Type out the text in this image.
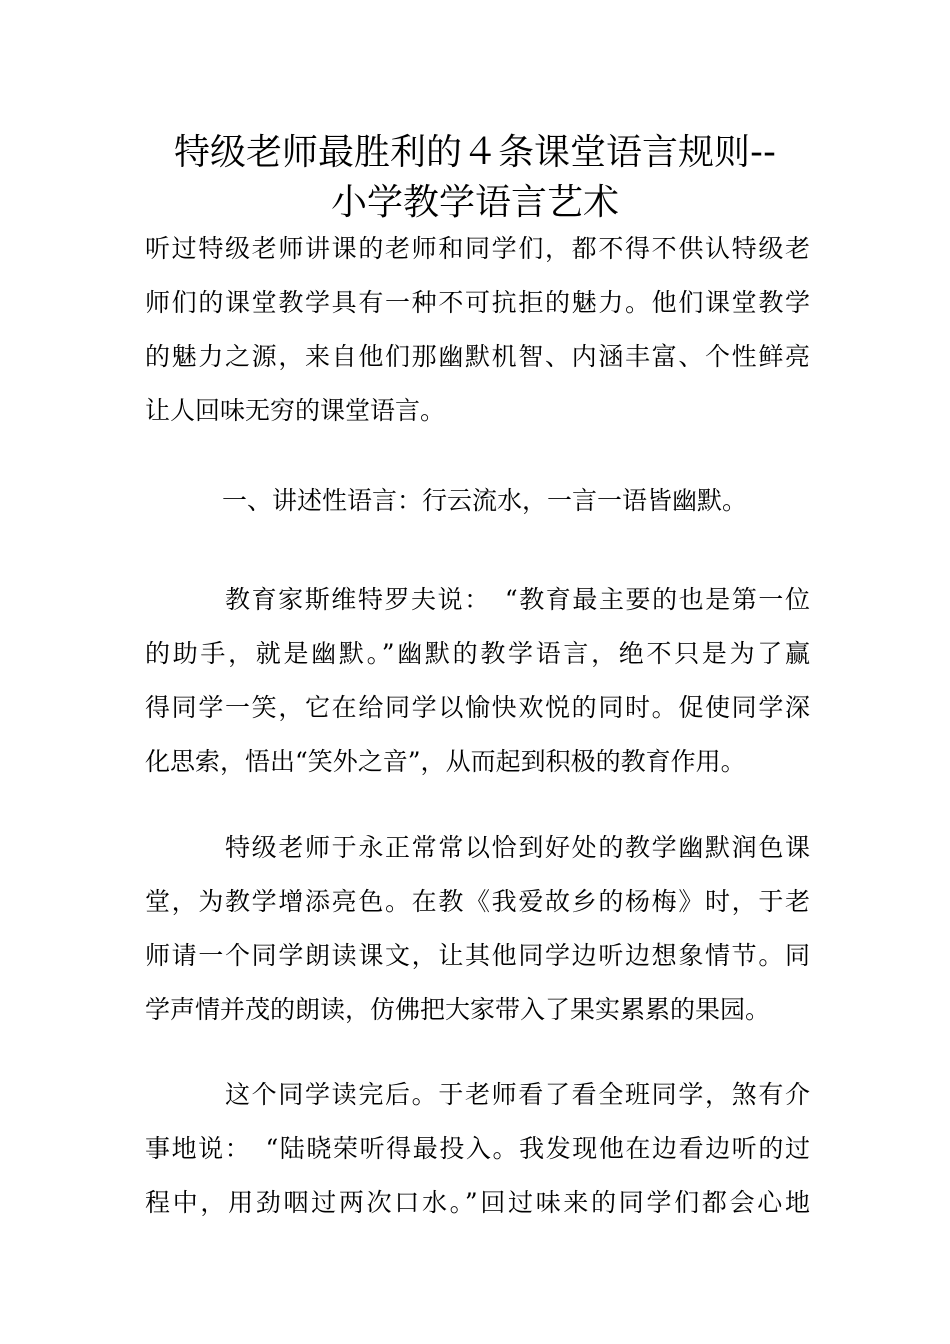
特级老师最胜利的４条课堂语言规则--
小学教学语言艺术
听过特级老师讲课的老师和同学们，都不得不供认特级老
师们的课堂教学具有一种不可抗拒的魅力。他们课堂教学
的魅力之源，来自他们那幽默机智、内涵丰富、个性鲜亮
让人回味无穷的课堂语言。
一、讲述性语言：行云流水，一言一语皆幽默。
教育家斯维特罗夫说：　“教育最主要的也是第一位
的助手，就是幽默。”幽默的教学语言，绝不只是为了赢
得同学一笑，它在给同学以愉快欢悦的同时。促使同学深
化思索，悟出“笑外之音”，从而起到积极的教育作用。
特级老师于永正常常以恰到好处的教学幽默润色课
堂，为教学增添亮色。在教《我爱故乡的杨梅》时，于老
师请一个同学朗读课文，让其他同学边听边想象情节。同
学声情并茂的朗读，仿佛把大家带入了果实累累的果园。
这个同学读完后。于老师看了看全班同学，煞有介
事地说：　“陆晓荣听得最投入。我发现他在边看边听的过
程中，用劲咽过两次口水。”回过味来的同学们都会心地
